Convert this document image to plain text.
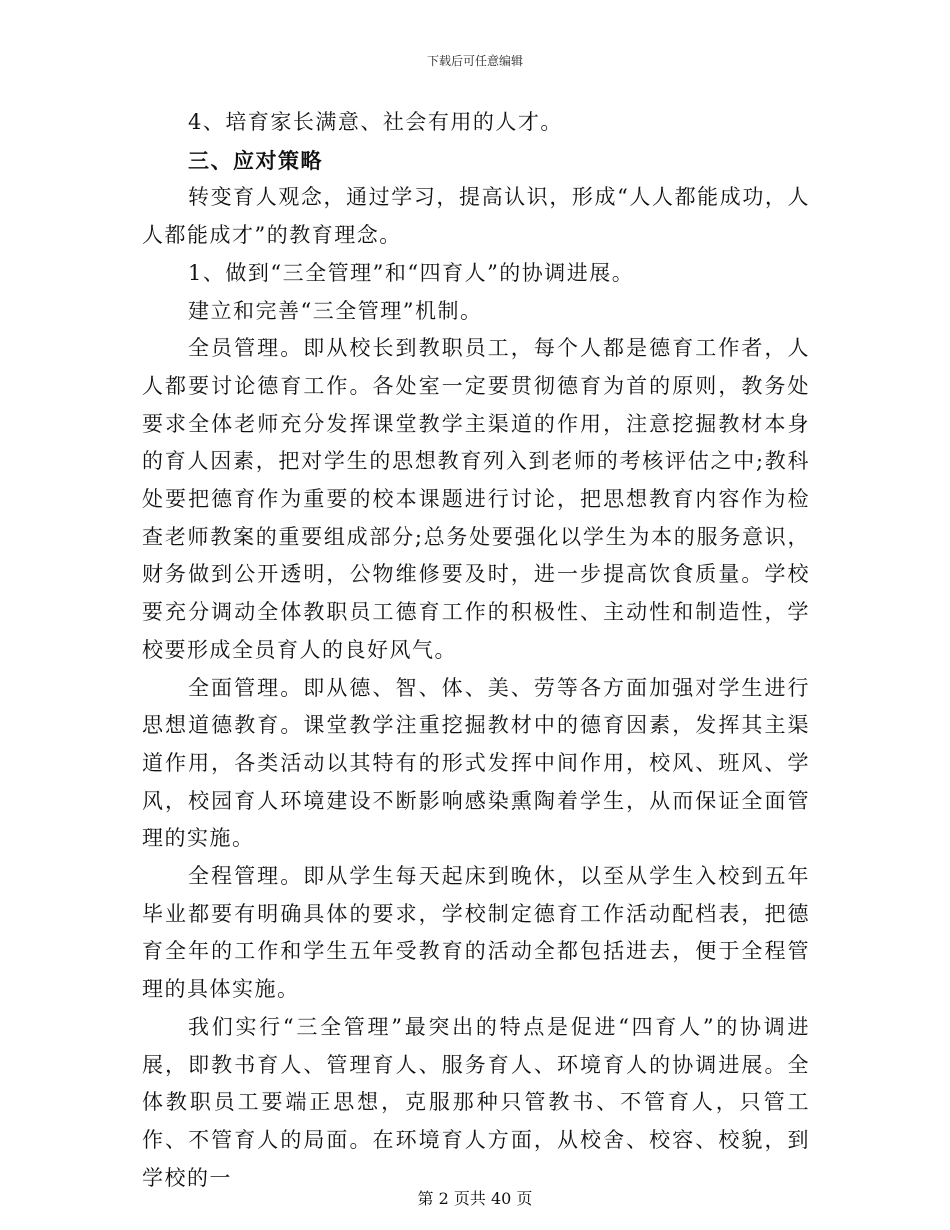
下载后可任意编辑

4、培育家长满意、社会有用的人才。

三、应对策略

转变育人观念，通过学习，提高认识，形成“人人都能成功，人人都能成才”的教育理念。

1、做到“三全管理”和“四育人”的协调进展。

建立和完善“三全管理”机制。

全员管理。即从校长到教职员工，每个人都是德育工作者，人人都要讨论德育工作。各处室一定要贯彻德育为首的原则，教务处要求全体老师充分发挥课堂教学主渠道的作用，注意挖掘教材本身的育人因素，把对学生的思想教育列入到老师的考核评估之中;教科处要把德育作为重要的校本课题进行讨论，把思想教育内容作为检查老师教案的重要组成部分;总务处要强化以学生为本的服务意识，财务做到公开透明，公物维修要及时，进一步提高饮食质量。学校要充分调动全体教职员工德育工作的积极性、主动性和制造性，学校要形成全员育人的良好风气。

全面管理。即从德、智、体、美、劳等各方面加强对学生进行思想道德教育。课堂教学注重挖掘教材中的德育因素，发挥其主渠道作用，各类活动以其特有的形式发挥中间作用，校风、班风、学风，校园育人环境建设不断影响感染熏陶着学生，从而保证全面管理的实施。

全程管理。即从学生每天起床到晚休，以至从学生入校到五年毕业都要有明确具体的要求，学校制定德育工作活动配档表，把德育全年的工作和学生五年受教育的活动全都包括进去，便于全程管理的具体实施。

我们实行“三全管理”最突出的特点是促进“四育人”的协调进展，即教书育人、管理育人、服务育人、环境育人的协调进展。全体教职员工要端正思想，克服那种只管教书、不管育人，只管工作、不管育人的局面。在环境育人方面，从校舍、校容、校貌，到学校的一

第 2 页共 40 页
